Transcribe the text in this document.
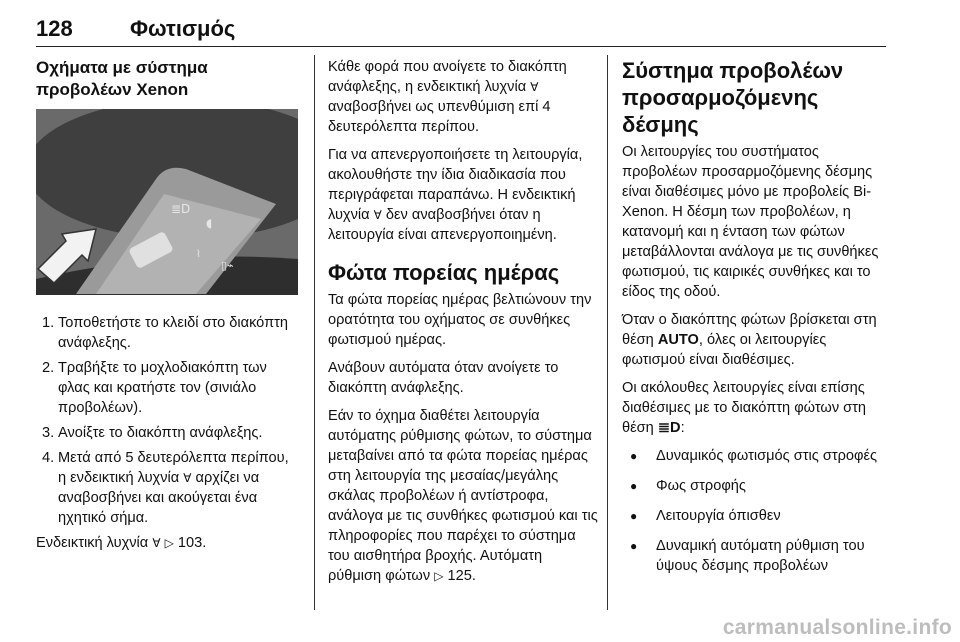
128	Φωτισμός
Οχήματα με σύστημα προβολέων Xenon
≣D
◖
▯⌁
⌇
1. Τοποθετήστε το κλειδί στο διακόπτη ανάφλεξης.
2. Τραβήξτε το μοχλοδιακόπτη των φλας και κρατήστε τον (σινιάλο προβολέων).
3. Ανοίξτε το διακόπτη ανάφλεξης.
4. Μετά από 5 δευτερόλεπτα περίπου, η ενδεικτική λυχνία Ɐ αρχίζει να αναβοσβήνει και ακούγεται ένα ηχητικό σήμα.

Ενδεικτική λυχνία Ɐ ▷ 103.

Κάθε φορά που ανοίγετε το διακόπτη ανάφλεξης, η ενδεικτική λυχνία Ɐ αναβοσβήνει ως υπενθύμιση επί 4 δευτερόλεπτα περίπου.

Για να απενεργοποιήσετε τη λειτουργία, ακολουθήστε την ίδια διαδικασία που περιγράφεται παραπάνω. Η ενδεικτική λυχνία Ɐ δεν αναβοσβήνει όταν η λειτουργία είναι απενεργοποιημένη.

Φώτα πορείας ημέρας

Τα φώτα πορείας ημέρας βελτιώνουν την ορατότητα του οχήματος σε συνθήκες φωτισμού ημέρας.

Ανάβουν αυτόματα όταν ανοίγετε το διακόπτη ανάφλεξης.

Εάν το όχημα διαθέτει λειτουργία αυτόματης ρύθμισης φώτων, το σύστημα μεταβαίνει από τα φώτα πορείας ημέρας στη λειτουργία της μεσαίας/μεγάλης σκάλας προβολέων ή αντίστροφα, ανάλογα με τις συνθήκες φωτισμού και τις πληροφορίες που παρέχει το σύστημα του αισθητήρα βροχής. Αυτόματη ρύθμιση φώτων ▷ 125.

Σύστημα προβολέων προσαρμοζόμενης δέσμης

Οι λειτουργίες του συστήματος προβολέων προσαρμοζόμενης δέσμης είναι διαθέσιμες μόνο με προβολείς Bi-Xenon. Η δέσμη των προβολέων, η κατανομή και η ένταση των φώτων μεταβάλλονται ανάλογα με τις συνθήκες φωτισμού, τις καιρικές συνθήκες και το είδος της οδού.

Όταν ο διακόπτης φώτων βρίσκεται στη θέση AUTO, όλες οι λειτουργίες φωτισμού είναι διαθέσιμες.

Οι ακόλουθες λειτουργίες είναι επίσης διαθέσιμες με το διακόπτη φώτων στη θέση ≣D:

● Δυναμικός φωτισμός στις στροφές
● Φως στροφής
● Λειτουργία όπισθεν
● Δυναμική αυτόματη ρύθμιση του ύψους δέσμης προβολέων
carmanualsonline.info
